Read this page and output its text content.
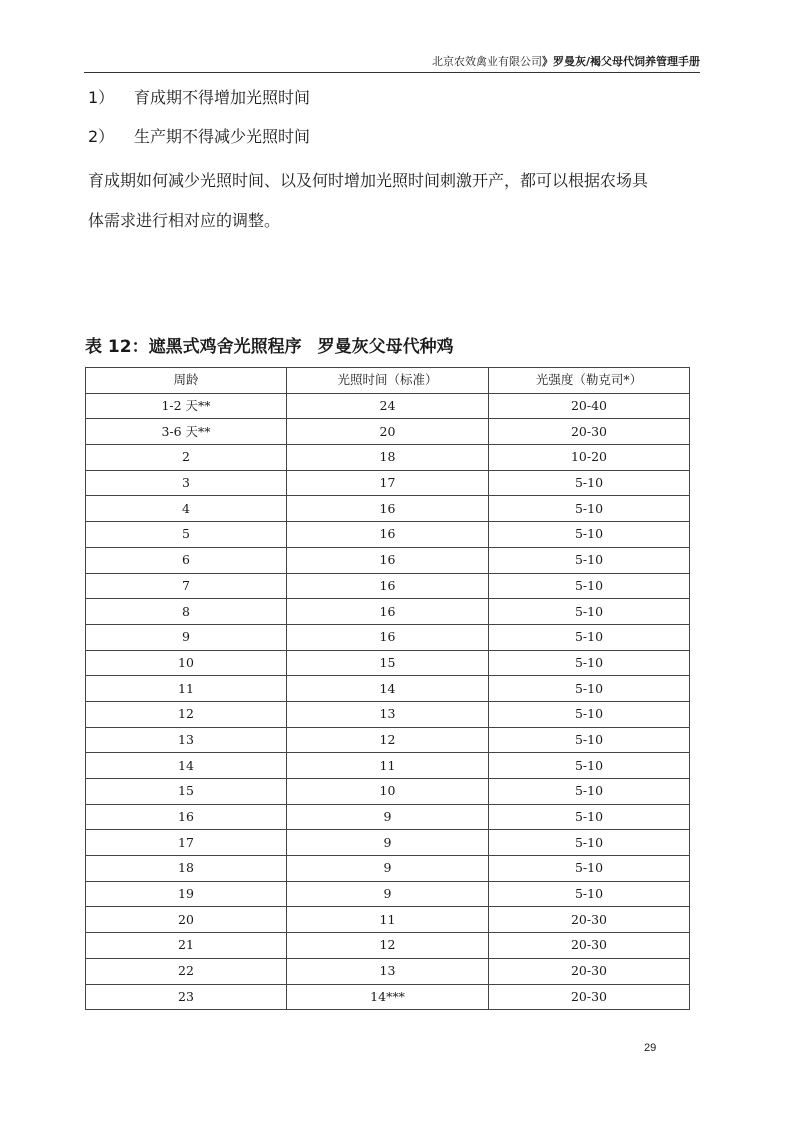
北京农效禽业有限公司》罗曼灰/褐父母代饲养管理手册
1） 育成期不得增加光照时间
2） 生产期不得减少光照时间
育成期如何减少光照时间、以及何时增加光照时间刺激开产，都可以根据农场具
体需求进行相对应的调整。
表 12：遮黑式鸡舍光照程序 罗曼灰父母代种鸡
周龄	光照时间（标准）	光强度（勒克司*）
1-2 天**	24	20-40
3-6 天**	20	20-30
2	18	10-20
3	17	5-10
4	16	5-10
5	16	5-10
6	16	5-10
7	16	5-10
8	16	5-10
9	16	5-10
10	15	5-10
11	14	5-10
12	13	5-10
13	12	5-10
14	11	5-10
15	10	5-10
16	9	5-10
17	9	5-10
18	9	5-10
19	9	5-10
20	11	20-30
21	12	20-30
22	13	20-30
23	14***	20-30
29
